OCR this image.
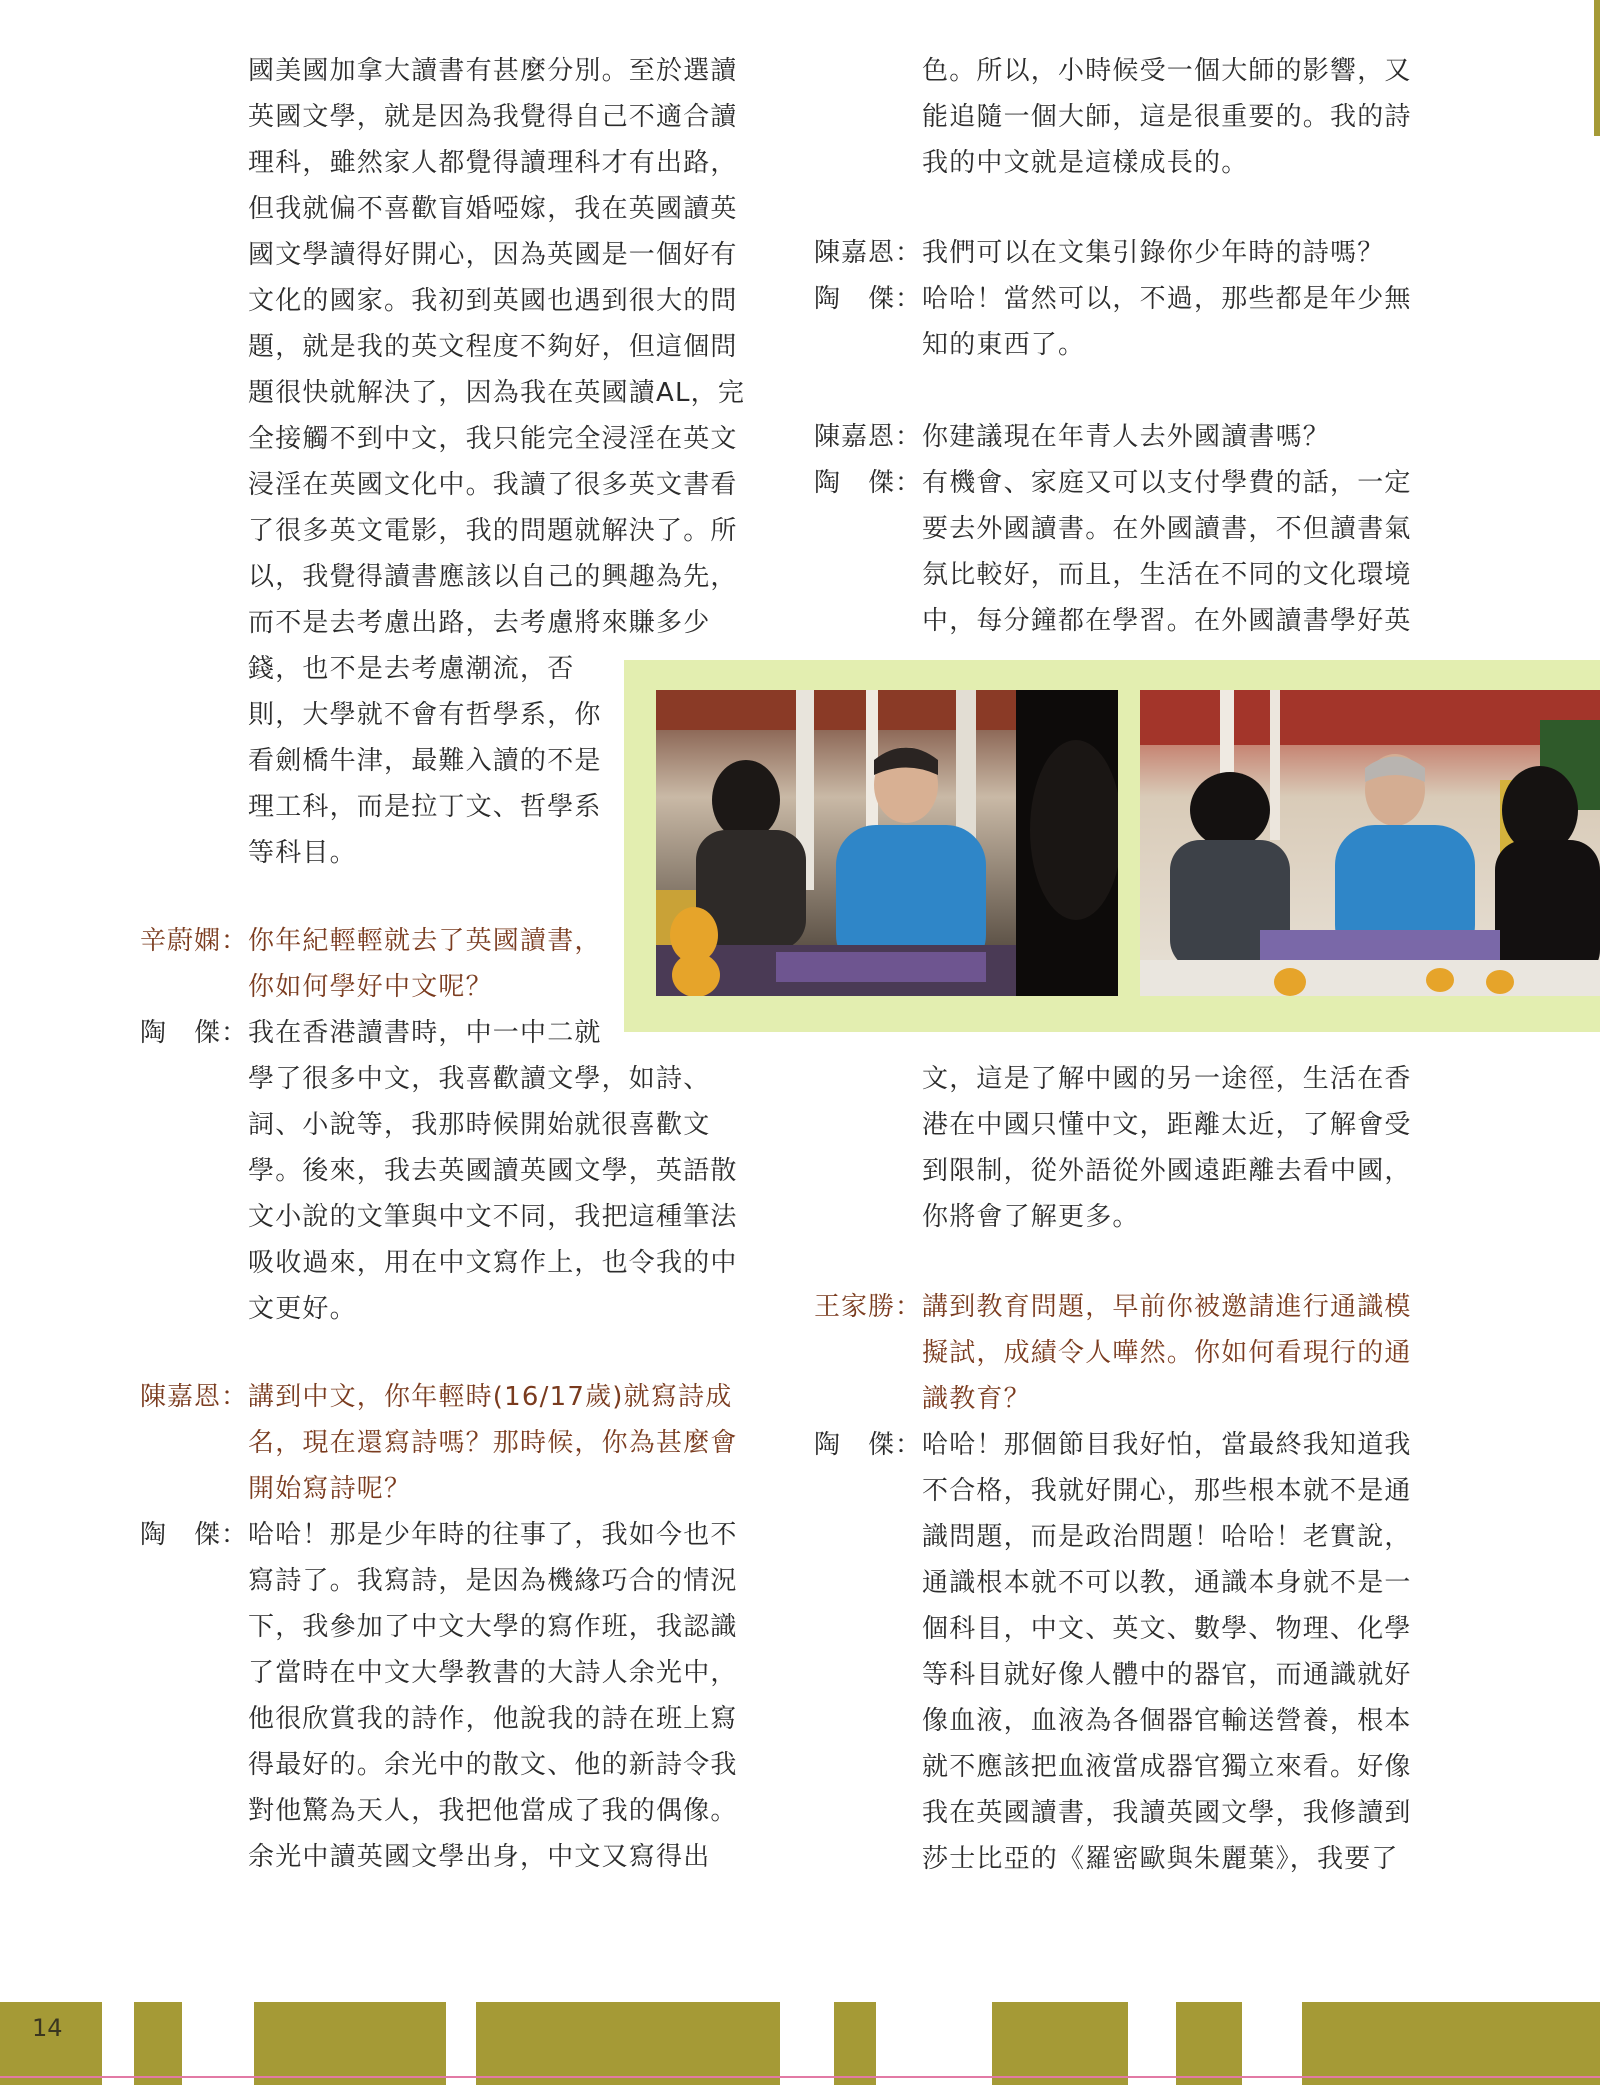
國美國加拿大讀書有甚麼分別。至於選讀
英國文學，就是因為我覺得自己不適合讀
理科，雖然家人都覺得讀理科才有出路，
但我就偏不喜歡盲婚啞嫁，我在英國讀英
國文學讀得好開心，因為英國是一個好有
文化的國家。我初到英國也遇到很大的問
題，就是我的英文程度不夠好，但這個問
題很快就解決了，因為我在英國讀AL，完
全接觸不到中文，我只能完全浸淫在英文
浸淫在英國文化中。我讀了很多英文書看
了很多英文電影，我的問題就解決了。所
以，我覺得讀書應該以自己的興趣為先，
而不是去考慮出路，去考慮將來賺多少
錢，也不是去考慮潮流，否
則，大學就不會有哲學系，你
看劍橋牛津，最難入讀的不是
理工科，而是拉丁文、哲學系
等科目。
辛蔚嫻： 你年紀輕輕就去了英國讀書，
你如何學好中文呢？
陶　傑： 我在香港讀書時，中一中二就
學了很多中文，我喜歡讀文學，如詩、
詞、小說等，我那時候開始就很喜歡文
學。後來，我去英國讀英國文學，英語散
文小說的文筆與中文不同，我把這種筆法
吸收過來，用在中文寫作上，也令我的中
文更好。
陳嘉恩： 講到中文，你年輕時(16/17歲)就寫詩成
名，現在還寫詩嗎？那時候，你為甚麼會
開始寫詩呢？
陶　傑： 哈哈！那是少年時的往事了，我如今也不
寫詩了。我寫詩，是因為機緣巧合的情況
下，我參加了中文大學的寫作班，我認識
了當時在中文大學教書的大詩人余光中，
他很欣賞我的詩作，他說我的詩在班上寫
得最好的。余光中的散文、他的新詩令我
對他驚為天人，我把他當成了我的偶像。
余光中讀英國文學出身，中文又寫得出
色。所以，小時候受一個大師的影響，又
能追隨一個大師，這是很重要的。我的詩
我的中文就是這樣成長的。
陳嘉恩： 我們可以在文集引錄你少年時的詩嗎？
陶　傑： 哈哈！當然可以，不過，那些都是年少無
知的東西了。
陳嘉恩： 你建議現在年青人去外國讀書嗎？
陶　傑： 有機會、家庭又可以支付學費的話，一定
要去外國讀書。在外國讀書，不但讀書氣
氛比較好，而且，生活在不同的文化環境
中，每分鐘都在學習。在外國讀書學好英
文，這是了解中國的另一途徑，生活在香
港在中國只懂中文，距離太近，了解會受
到限制，從外語從外國遠距離去看中國，
你將會了解更多。
王家勝： 講到教育問題，早前你被邀請進行通識模
擬試，成績令人嘩然。你如何看現行的通
識教育？
陶　傑： 哈哈！那個節目我好怕，當最終我知道我
不合格，我就好開心，那些根本就不是通
識問題，而是政治問題！哈哈！老實說，
通識根本就不可以教，通識本身就不是一
個科目，中文、英文、數學、物理、化學
等科目就好像人體中的器官，而通識就好
像血液，血液為各個器官輸送營養，根本
就不應該把血液當成器官獨立來看。好像
我在英國讀書，我讀英國文學，我修讀到
莎士比亞的《羅密歐與朱麗葉》，我要了
14
